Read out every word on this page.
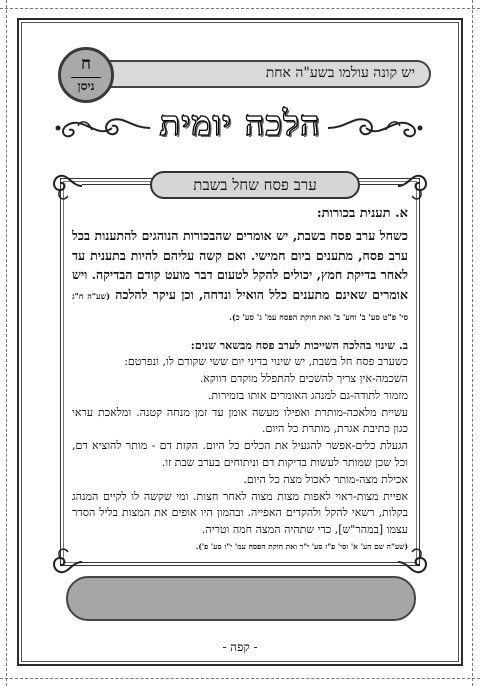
יש קונה עולמו בשע"ה אחת
ח
ניסן
הלכה יומית
ערב פסח שחל בשבת
א. תענית בכורות:
כשחל ערב פסח בשבת, יש אומרים שהבכורות הנוהגים להתענות בכל ערב פסח, מתענים ביום חמישי. ואם קשה עליהם להיות בתענית עד לאחר בדיקת חמץ, יכולים להקל לטעום דבר מועט קודם הבדיקה. ויש אומרים שאינם מתענים כלל הואיל ונדחה, וכן עיקר להלכה (שע"ה ח"ג סי' פ"ט סע' ב' וחע' ב' ואת חוקת הפסח עמ' ג' סע' כ).
ב. שינוי בהלכה השייכות לערב פסח מבשאר שנים:
כשערב פסח חל בשבת, יש שינוי בדיני יום ששי שקודם לו, ונפרטם:
השכמה-אין צריך להשכים להתפלל מוקדם דווקא.
מזמור לתודה-גם למנהג האומרים אותו בזמירות.
עשיית מלאכה-מותרת ואפילו מעשה אומן עד זמן מנחה קטנה. ומלאכת עראי כגון כתיבת אגרת, מותרת כל היום.
הגעלת כלים-אפשר להגעיל את הכלים כל היום. הקזת דם - מותר להוציא דם, וכל שכן שמותר לעשות בדיקות דם וניתוחים בערב שבת זו.
אכילת מצה-מותר לאכול מצה כל היום.
אפיית מצות-ראוי לאפות מצות מצוה לאחר חצות. ומי שקשה לו לקיים המנהג בקלות, רשאי להקל ולהקדים האפייה. ובהמון היו אופים את המצות בליל הסדר עצמו [במהר"ש], כדי שתהיה המצה חמה וטריה.
(שע"ה שם הע' א' וסי' פ"ז סע' י"ד ואת חוקת הפסח עמ' י"ז סע' פ').
- קפה -
